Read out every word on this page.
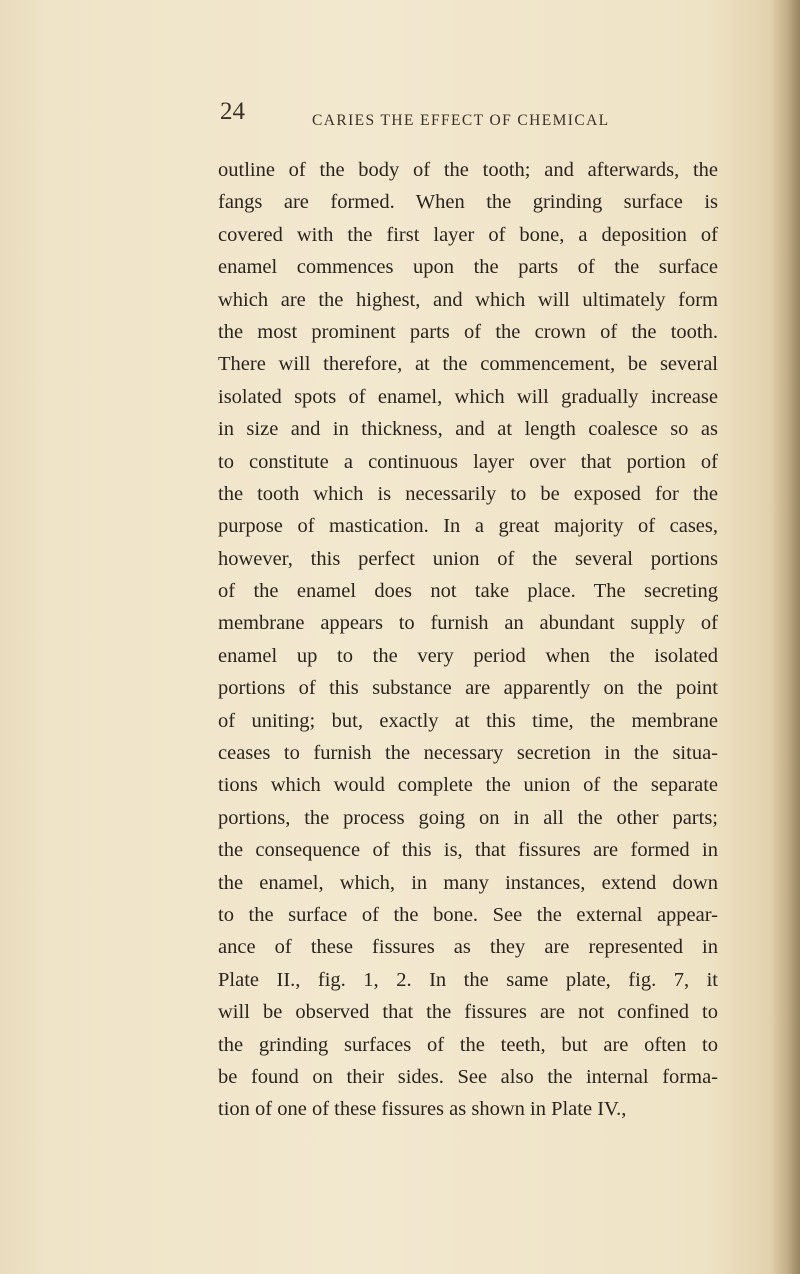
24	CARIES THE EFFECT OF CHEMICAL
outline of the body of the tooth; and afterwards, the
fangs are formed. When the grinding surface is
covered with the first layer of bone, a deposition of
enamel commences upon the parts of the surface
which are the highest, and which will ultimately form
the most prominent parts of the crown of the tooth.
There will therefore, at the commencement, be several
isolated spots of enamel, which will gradually increase
in size and in thickness, and at length coalesce so as
to constitute a continuous layer over that portion of
the tooth which is necessarily to be exposed for the
purpose of mastication. In a great majority of cases,
however, this perfect union of the several portions
of the enamel does not take place. The secreting
membrane appears to furnish an abundant supply of
enamel up to the very period when the isolated
portions of this substance are apparently on the point
of uniting; but, exactly at this time, the membrane
ceases to furnish the necessary secretion in the situa-
tions which would complete the union of the separate
portions, the process going on in all the other parts;
the consequence of this is, that fissures are formed in
the enamel, which, in many instances, extend down
to the surface of the bone. See the external appear-
ance of these fissures as they are represented in
Plate II., fig. 1, 2. In the same plate, fig. 7, it
will be observed that the fissures are not confined to
the grinding surfaces of the teeth, but are often to
be found on their sides. See also the internal forma-
tion of one of these fissures as shown in Plate IV.,
